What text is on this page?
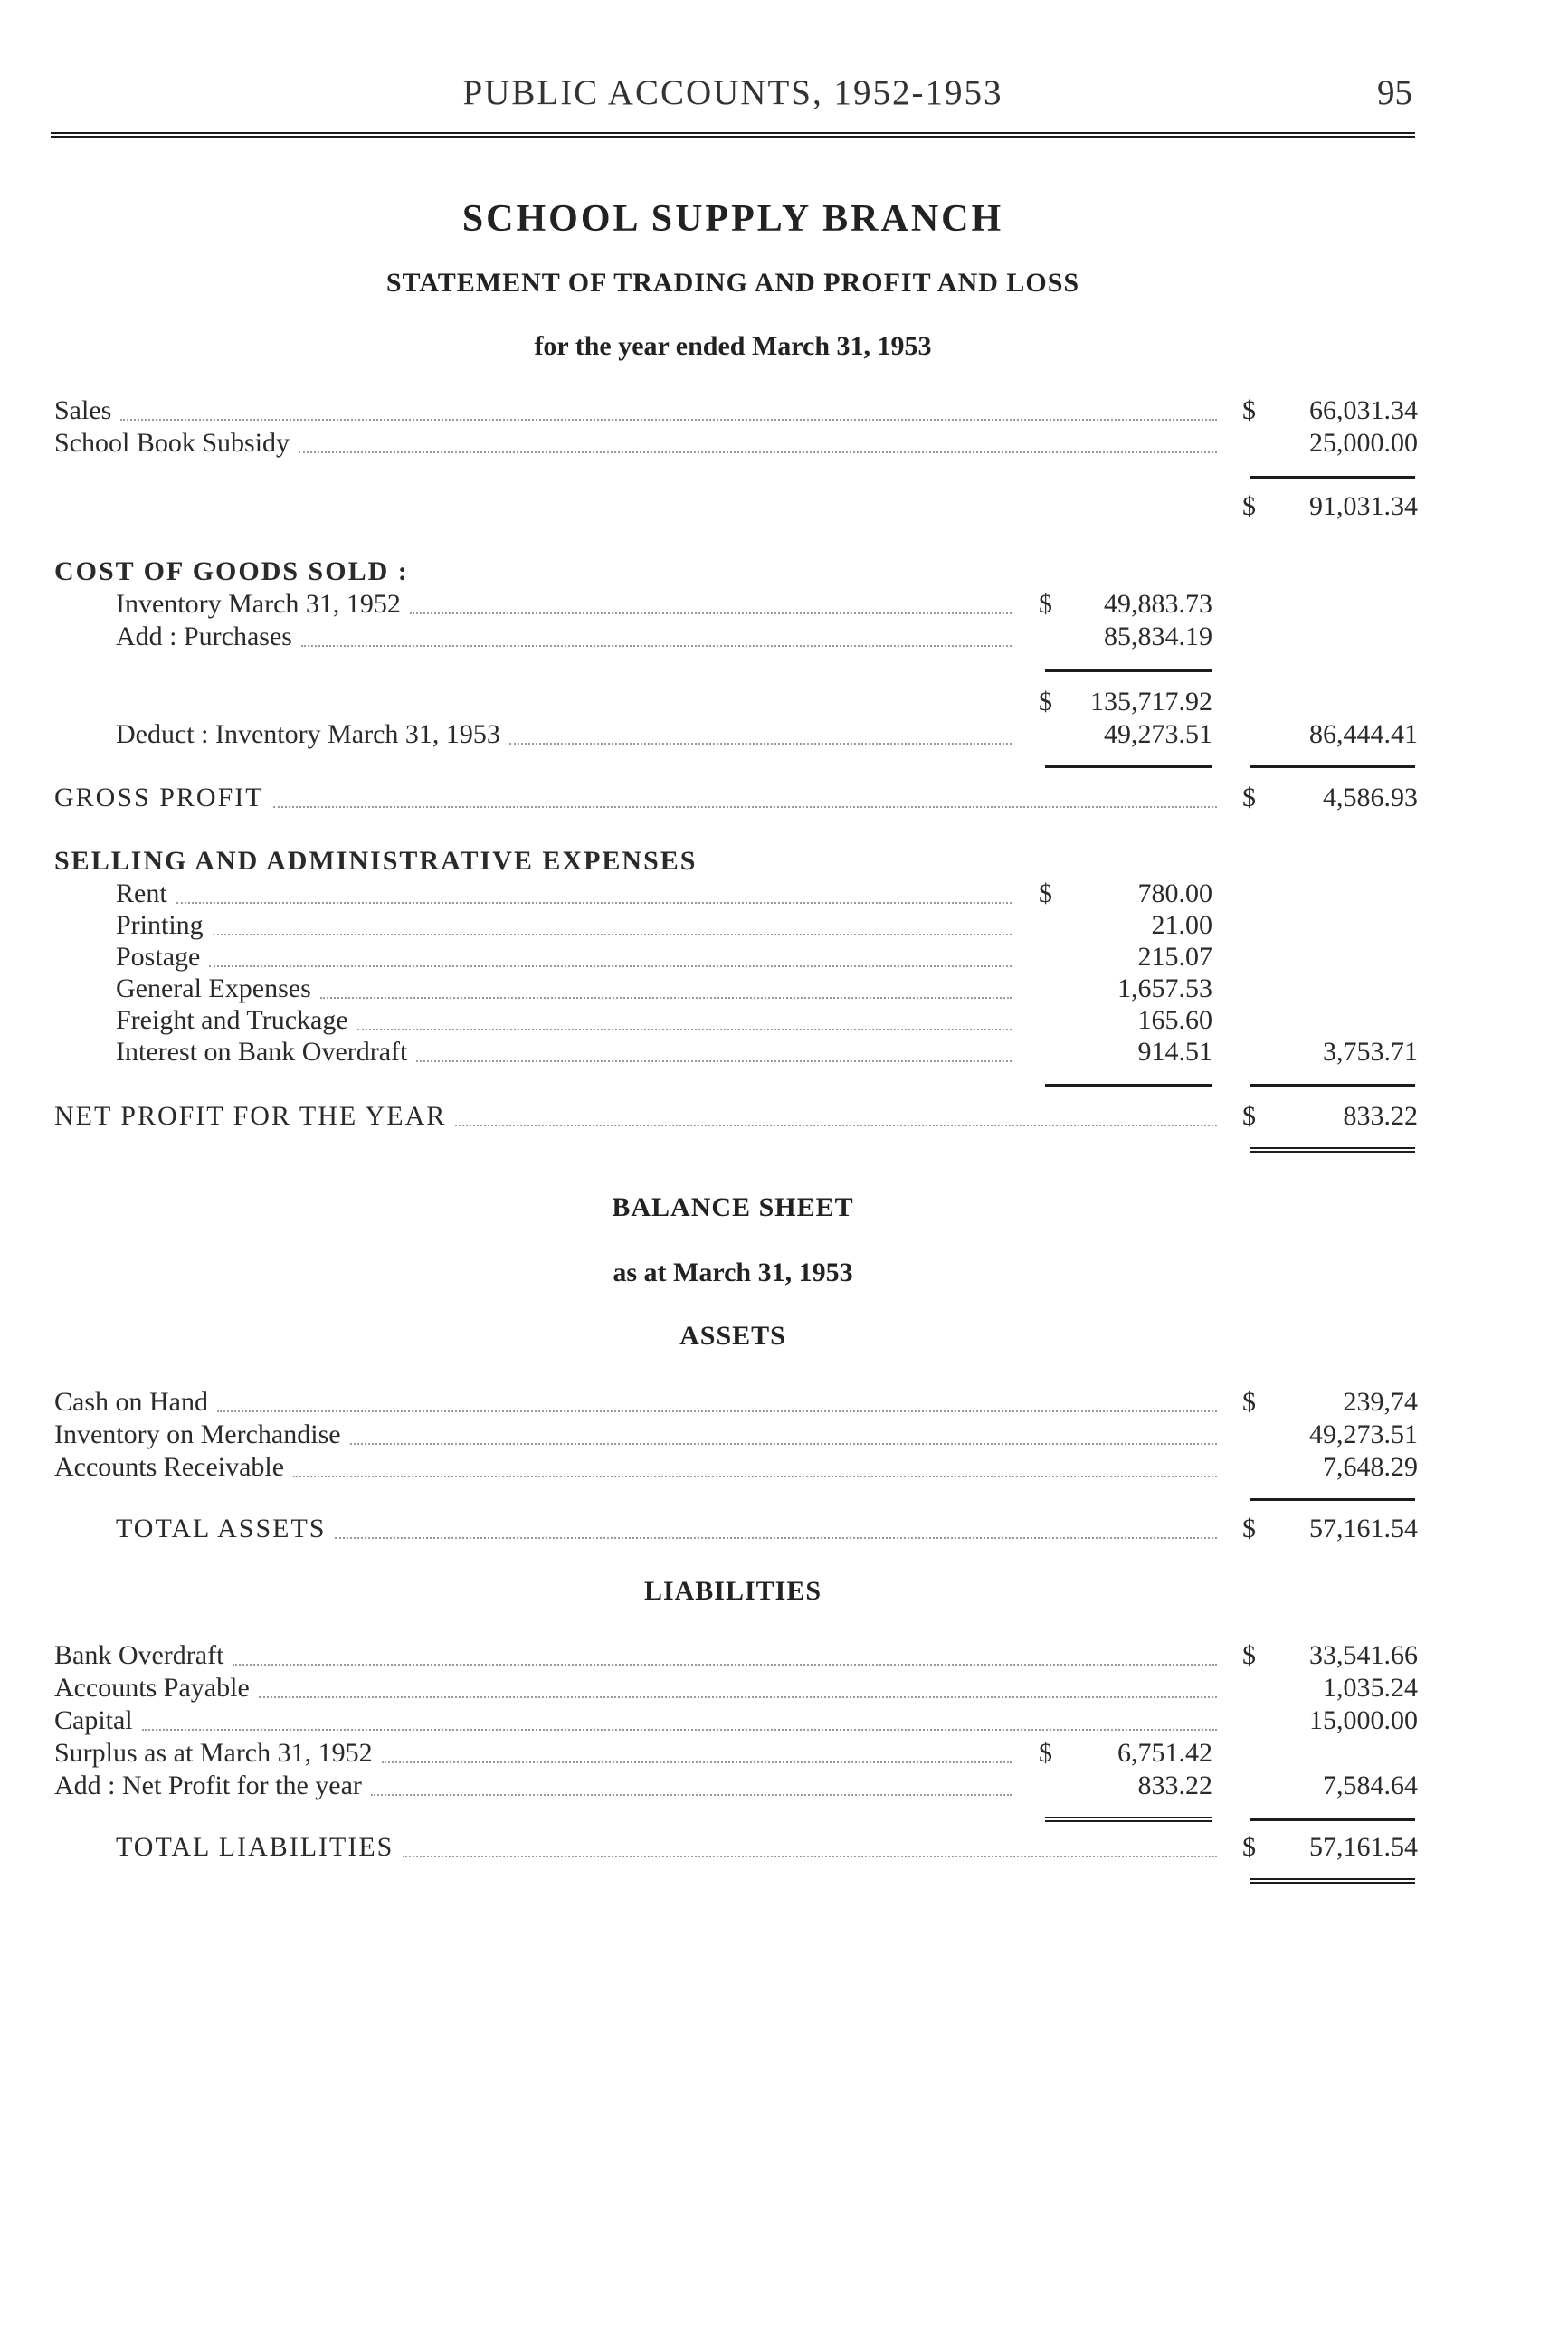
PUBLIC ACCOUNTS, 1952-1953	95
SCHOOL SUPPLY BRANCH
STATEMENT OF TRADING AND PROFIT AND LOSS
for the year ended March 31, 1953
Sales	$	66,031.34
School Book Subsidy	25,000.00
$	91,031.34
COST OF GOODS SOLD :
Inventory March 31, 1952	$	49,883.73
Add : Purchases	85,834.19
$	135,717.92
Deduct : Inventory March 31, 1953	49,273.51	86,444.41
GROSS PROFIT	$	4,586.93
SELLING AND ADMINISTRATIVE EXPENSES
Rent	$	780.00
Printing	21.00
Postage	215.07
General Expenses	1,657.53
Freight and Truckage	165.60
Interest on Bank Overdraft	914.51	3,753.71
NET PROFIT FOR THE YEAR	$	833.22
BALANCE SHEET
as at March 31, 1953
ASSETS
Cash on Hand	$	239,74
Inventory on Merchandise	49,273.51
Accounts Receivable	7,648.29
TOTAL ASSETS	$	57,161.54
LIABILITIES
Bank Overdraft	$	33,541.66
Accounts Payable	1,035.24
Capital	15,000.00
Surplus as at March 31, 1952	$	6,751.42
Add : Net Profit for the year	833.22	7,584.64
TOTAL LIABILITIES	$	57,161.54
